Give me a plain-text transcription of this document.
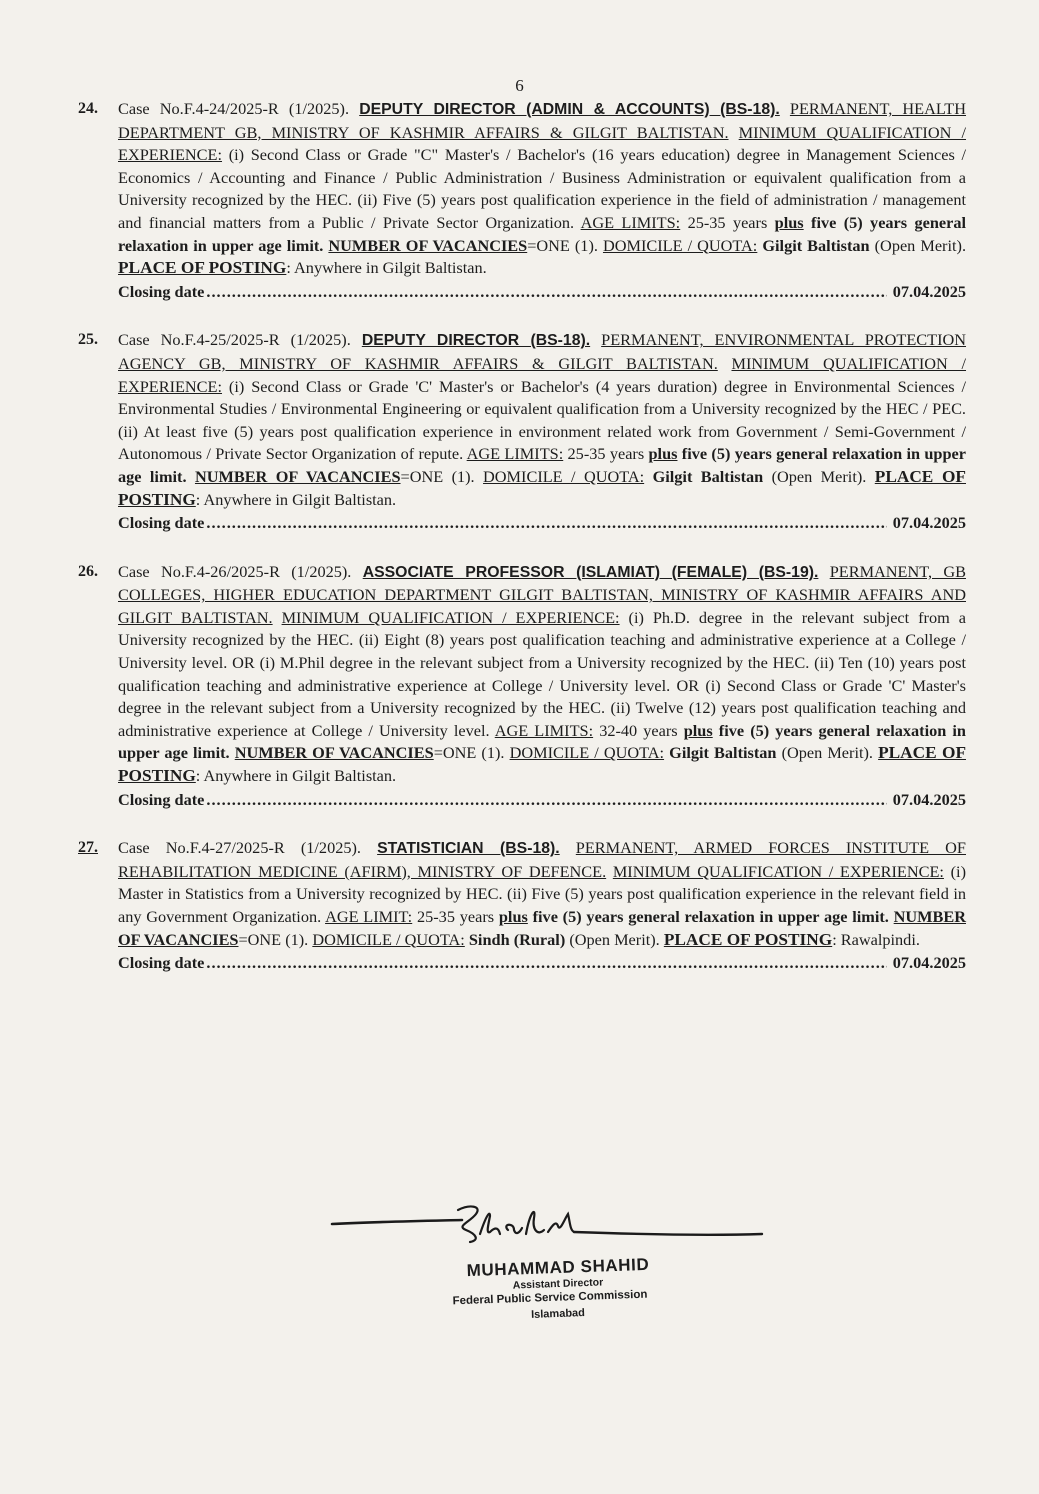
6
24. Case No.F.4-24/2025-R (1/2025). DEPUTY DIRECTOR (ADMIN & ACCOUNTS) (BS-18). PERMANENT, HEALTH DEPARTMENT GB, MINISTRY OF KASHMIR AFFAIRS & GILGIT BALTISTAN. MINIMUM QUALIFICATION / EXPERIENCE: (i) Second Class or Grade "C" Master's / Bachelor's (16 years education) degree in Management Sciences / Economics / Accounting and Finance / Public Administration / Business Administration or equivalent qualification from a University recognized by the HEC. (ii) Five (5) years post qualification experience in the field of administration / management and financial matters from a Public / Private Sector Organization. AGE LIMITS: 25-35 years plus five (5) years general relaxation in upper age limit. NUMBER OF VACANCIES=ONE (1). DOMICILE / QUOTA: Gilgit Baltistan (Open Merit). PLACE OF POSTING: Anywhere in Gilgit Baltistan.

Closing date .....	07.04.2025
25. Case No.F.4-25/2025-R (1/2025). DEPUTY DIRECTOR (BS-18). PERMANENT, ENVIRONMENTAL PROTECTION AGENCY GB, MINISTRY OF KASHMIR AFFAIRS & GILGIT BALTISTAN. MINIMUM QUALIFICATION / EXPERIENCE: (i) Second Class or Grade 'C' Master's or Bachelor's (4 years duration) degree in Environmental Sciences / Environmental Studies / Environmental Engineering or equivalent qualification from a University recognized by the HEC / PEC. (ii) At least five (5) years post qualification experience in environment related work from Government / Semi-Government / Autonomous / Private Sector Organization of repute. AGE LIMITS: 25-35 years plus five (5) years general relaxation in upper age limit. NUMBER OF VACANCIES=ONE (1). DOMICILE / QUOTA: Gilgit Baltistan (Open Merit). PLACE OF POSTING: Anywhere in Gilgit Baltistan.

Closing date .....	07.04.2025
26. Case No.F.4-26/2025-R (1/2025). ASSOCIATE PROFESSOR (ISLAMIAT) (FEMALE) (BS-19). PERMANENT, GB COLLEGES, HIGHER EDUCATION DEPARTMENT GILGIT BALTISTAN, MINISTRY OF KASHMIR AFFAIRS AND GILGIT BALTISTAN. MINIMUM QUALIFICATION / EXPERIENCE: (i) Ph.D. degree in the relevant subject from a University recognized by the HEC. (ii) Eight (8) years post qualification teaching and administrative experience at a College / University level. OR (i) M.Phil degree in the relevant subject from a University recognized by the HEC. (ii) Ten (10) years post qualification teaching and administrative experience at College / University level. OR (i) Second Class or Grade 'C' Master's degree in the relevant subject from a University recognized by the HEC. (ii) Twelve (12) years post qualification teaching and administrative experience at College / University level. AGE LIMITS: 32-40 years plus five (5) years general relaxation in upper age limit. NUMBER OF VACANCIES=ONE (1). DOMICILE / QUOTA: Gilgit Baltistan (Open Merit). PLACE OF POSTING: Anywhere in Gilgit Baltistan.

Closing date .....	07.04.2025
27. Case No.F.4-27/2025-R (1/2025). STATISTICIAN (BS-18). PERMANENT, ARMED FORCES INSTITUTE OF REHABILITATION MEDICINE (AFIRM), MINISTRY OF DEFENCE. MINIMUM QUALIFICATION / EXPERIENCE: (i) Master in Statistics from a University recognized by HEC. (ii) Five (5) years post qualification experience in the relevant field in any Government Organization. AGE LIMIT: 25-35 years plus five (5) years general relaxation in upper age limit. NUMBER OF VACANCIES=ONE (1). DOMICILE / QUOTA: Sindh (Rural) (Open Merit). PLACE OF POSTING: Rawalpindi.

Closing date .....	07.04.2025
MUHAMMAD SHAHID
Assistant Director
Federal Public Service Commission
Islamabad
